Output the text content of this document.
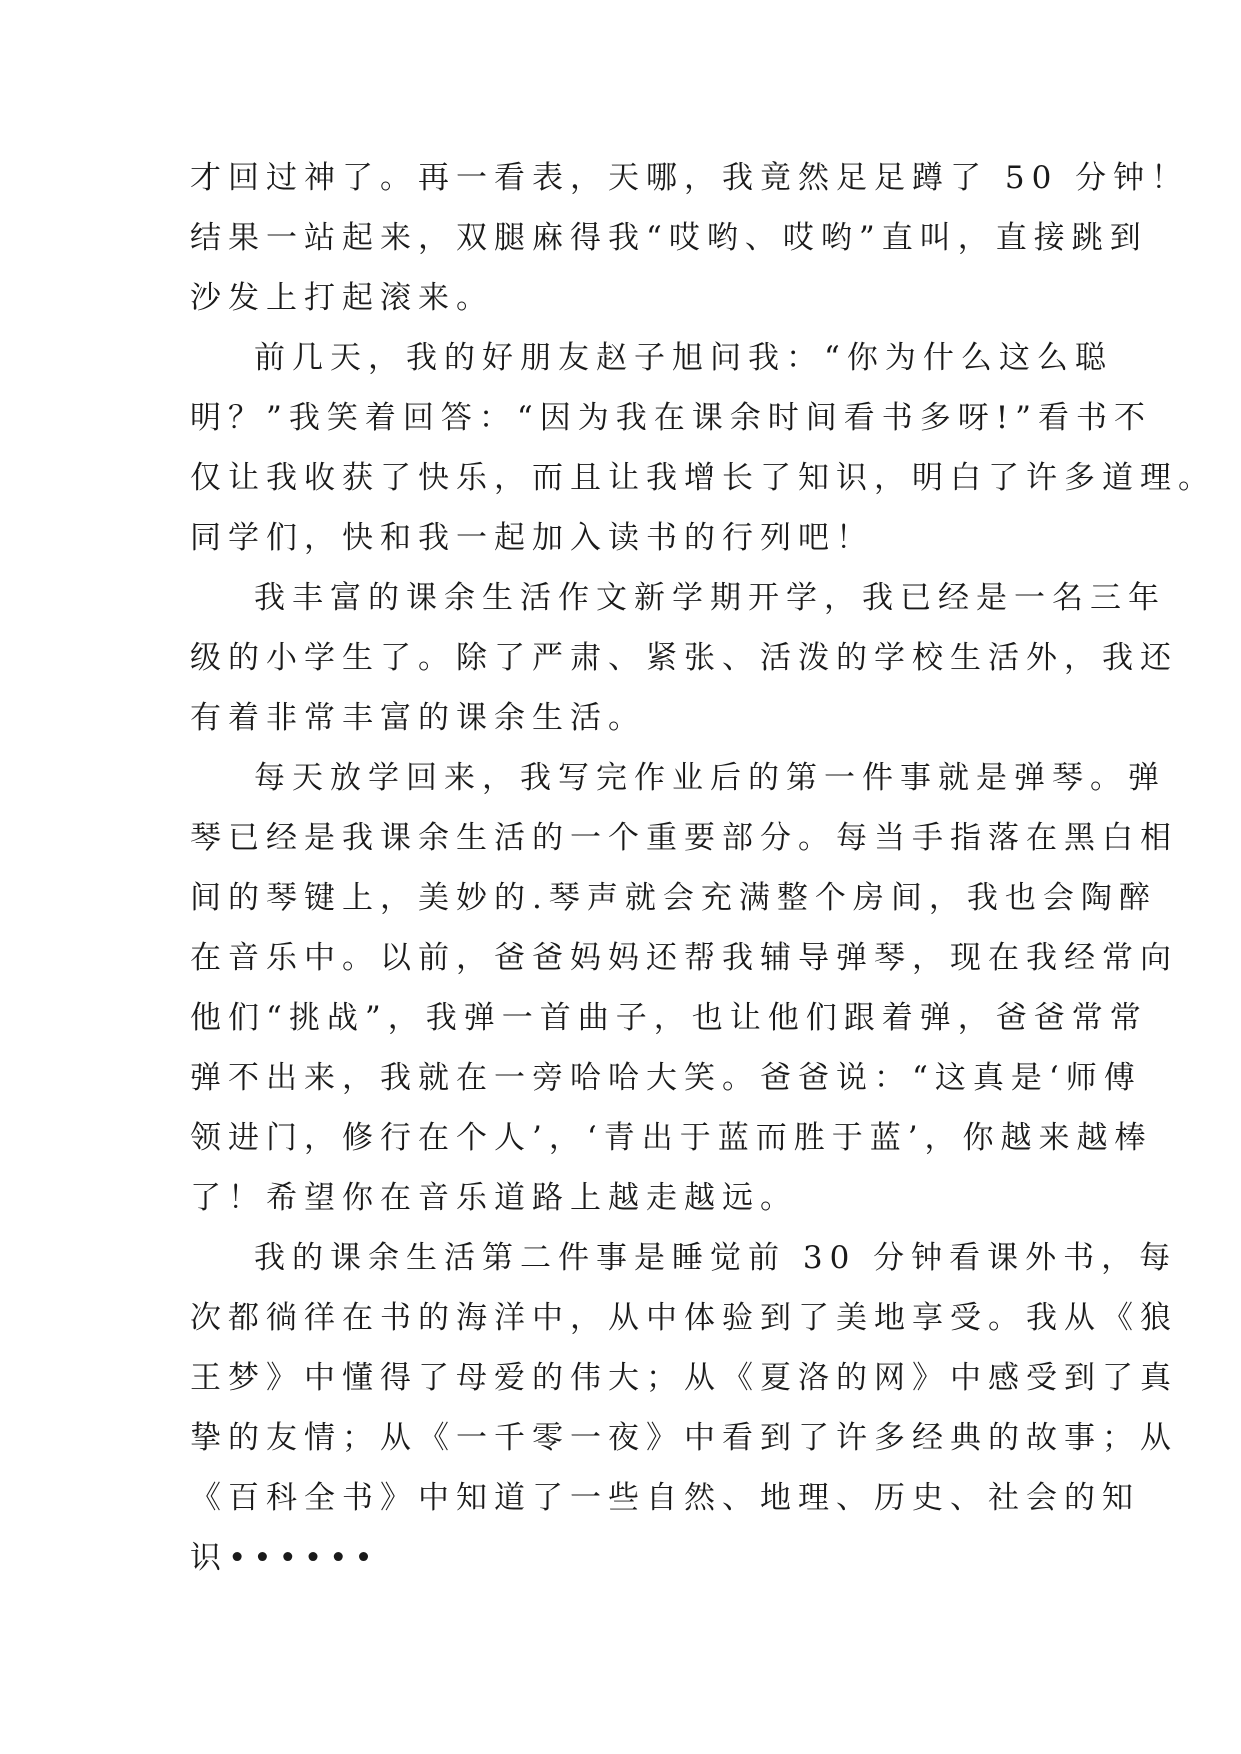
才回过神了。再一看表，天哪，我竟然足足蹲了 50 分钟！
结果一站起来，双腿麻得我“哎哟、哎哟”直叫，直接跳到
沙发上打起滚来。
前几天，我的好朋友赵子旭问我：“你为什么这么聪
明？”我笑着回答：“因为我在课余时间看书多呀!”看书不
仅让我收获了快乐，而且让我增长了知识，明白了许多道理。
同学们，快和我一起加入读书的行列吧！
我丰富的课余生活作文新学期开学，我已经是一名三年
级的小学生了。除了严肃、紧张、活泼的学校生活外，我还
有着非常丰富的课余生活。
每天放学回来，我写完作业后的第一件事就是弹琴。弹
琴已经是我课余生活的一个重要部分。每当手指落在黑白相
间的琴键上，美妙的.琴声就会充满整个房间，我也会陶醉
在音乐中。以前，爸爸妈妈还帮我辅导弹琴，现在我经常向
他们“挑战”，我弹一首曲子，也让他们跟着弹，爸爸常常
弹不出来，我就在一旁哈哈大笑。爸爸说：“这真是‘师傅
领进门，修行在个人’，‘青出于蓝而胜于蓝’，你越来越棒
了！希望你在音乐道路上越走越远。
我的课余生活第二件事是睡觉前 30 分钟看课外书，每
次都徜徉在书的海洋中，从中体验到了美地享受。我从《狼
王梦》中懂得了母爱的伟大；从《夏洛的网》中感受到了真
挚的友情；从《一千零一夜》中看到了许多经典的故事；从
《百科全书》中知道了一些自然、地理、历史、社会的知
识••••••
